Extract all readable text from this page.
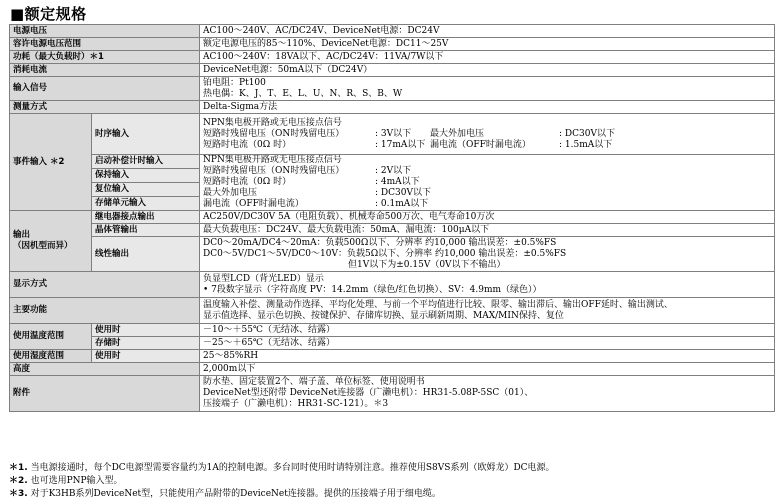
■额定规格
电源电压		AC100～240V、AC/DC24V、DeviceNet电源：DC24V
容许电源电压范围		额定电源电压的85～110%、DeviceNet电源：DC11～25V
功耗（最大负载时）＊1		AC100～240V：18VA以下、AC/DC24V：11VA/7W以下
消耗电流		DeviceNet电源：50mA以下（DC24V）
输入信号		铂电阻：Pt100
热电偶：K、J、T、E、L、U、N、R、S、B、W

测量方式		Delta-Sigma方法
事件输入 ＊2	时序输入	NPN集电极开路或无电压接点信号
短路时残留电压（ON时残留电压） : 3V以下 最大外加电压 : DC30V以下
短路时电流（0Ω 时） : 17mA以下 漏电流（OFF时漏电流） : 1.5mA以下

	启动补偿计时输入	NPN集电极开路或无电压接点信号
短路时残留电压（ON时残留电压） : 2V以下
短路时电流（0Ω 时） : 4mA以下
最大外加电压 : DC30V以下
漏电流（OFF时漏电流） : 0.1mA以下

	保持输入	
	复位输入	
	存储单元输入	

输出
（因机型而异）	继电器接点输出	AC250V/DC30V 5A（电阻负载）、机械寿命500万次、电气寿命10万次
	晶体管输出	最大负载电压：DC24V、最大负载电流：50mA、漏电流：100μA以下
	线性输出	DC0～20mA/DC4～20mA：负载500Ω以下、分辨率 约10,000 输出误差：±0.5%FS
DC0～5V/DC1～5V/DC0～10V：负载5Ω以下、分辨率 约10,000 输出误差：±0.5%FS
但1V以下为±0.15V（0V以下不输出）

显示方式		负显型LCD（背光LED）显示
• 7段数字显示（字符高度 PV：14.2mm（绿色/红色切换）、SV：4.9mm（绿色））

主要功能		温度输入补偿、测量动作选择、平均化处理、与前一个平均值进行比较、限零、输出滞后、输出OFF延时、输出测试、
显示值选择、显示色切换、按键保护、存储库切换、显示刷新周期、MAX/MIN保持、复位

使用温度范围	使用时	－10～＋55℃（无结冰、结露）
	存储时	－25～＋65℃（无结冰、结露）
使用湿度范围	使用时	25～85%RH
高度		2,000m以下
附件		防水垫、固定装置2个、端子盖、单位标签、使用说明书
DeviceNet型还附带 DeviceNet连接器（广濑电机）：HR31-5.08P-5SC（01）、
压接端子（广濑电机）：HR31-SC-121）。＊3
＊1. 当电源接通时，每个DC电源型需要容量约为1A的控制电源。多台同时使用时请特别注意。推荐使用S8VS系列（欧姆龙）DC电源。
＊2. 也可选用PNP输入型。
＊3. 对于K3HB系列DeviceNet型，只能使用产品附带的DeviceNet连接器。提供的压接端子用于细电缆。
